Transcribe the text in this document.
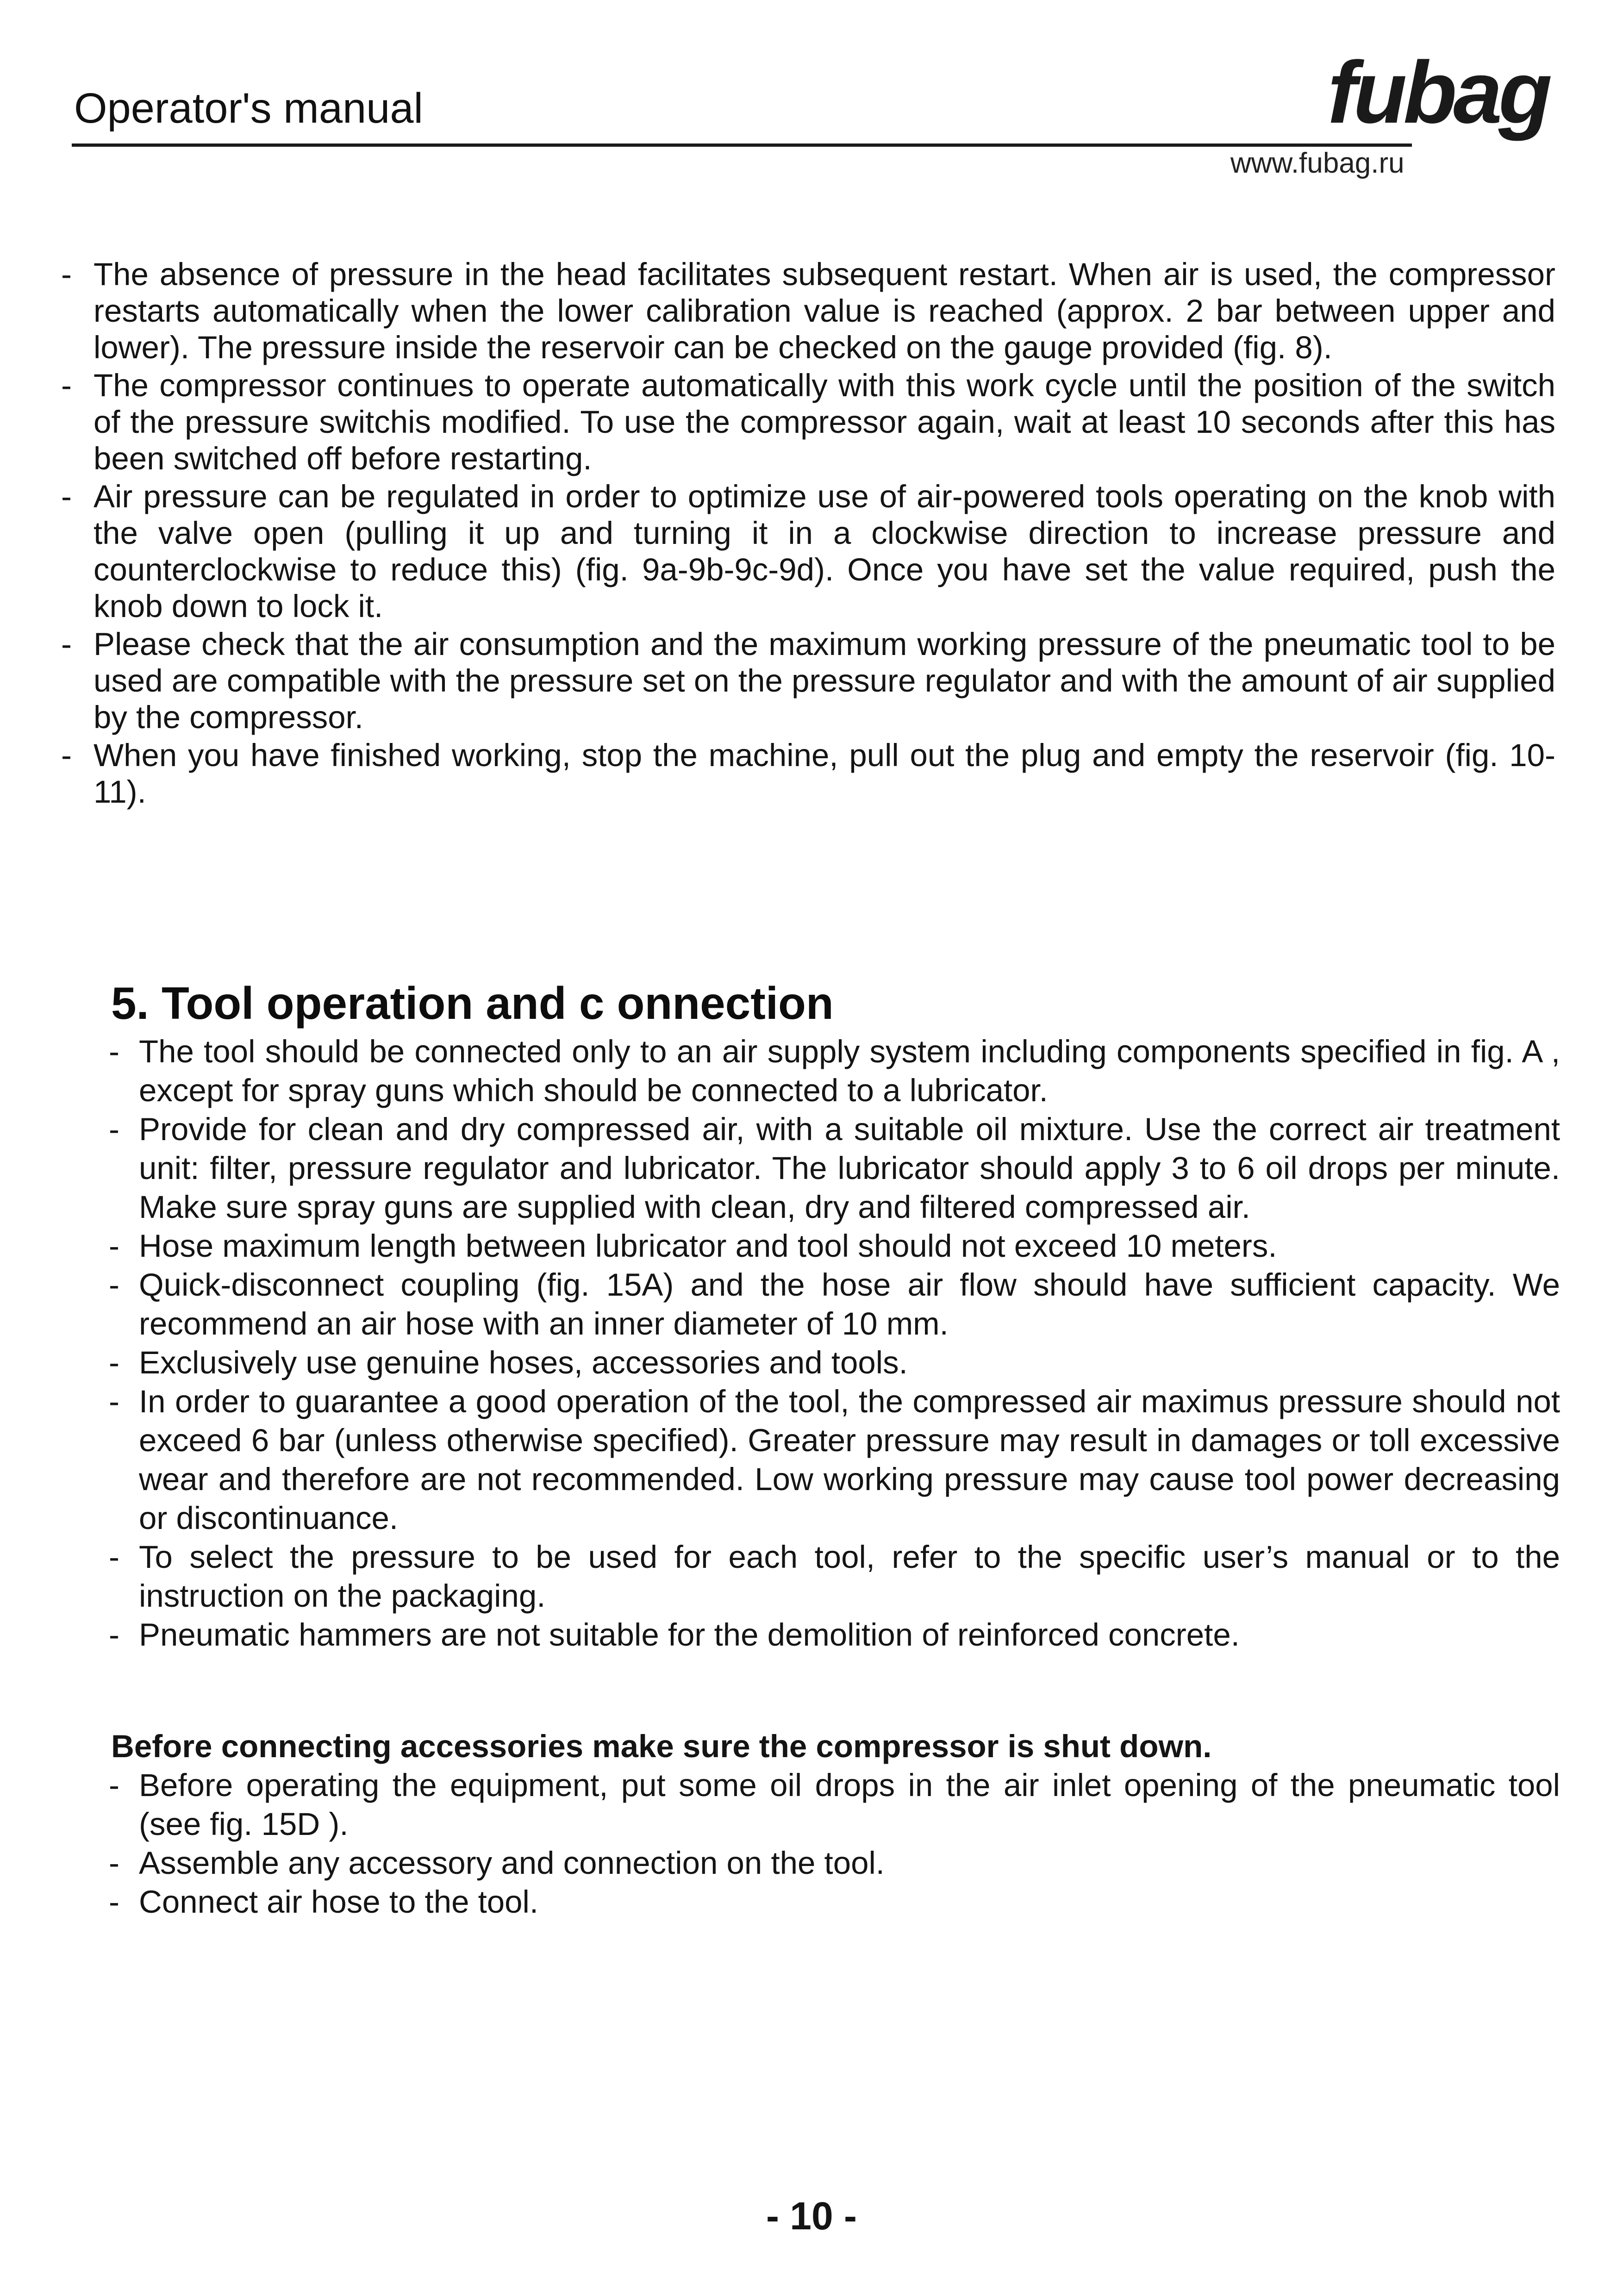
Operator's manual	fubag
www.fubag.ru
- The absence of pressure in the head facilitates subsequent restart. When air is used, the compressor restarts automatically when the lower calibration value is reached (approx. 2 bar between upper and lower). The pressure inside the reservoir can be checked on the gauge provided (fig. 8).
- The compressor continues to operate automatically with this work cycle until the position of the switch of the pressure switchis modified. To use the compressor again, wait at least 10 seconds after this has been switched off before restarting.
- Air pressure can be regulated in order to optimize use of air-powered tools operating on the knob with the valve open (pulling it up and turning it in a clockwise direction to increase pressure and counterclockwise to reduce this) (fig. 9a-9b-9c-9d). Once you have set the value required, push the knob down to lock it.
- Please check that the air consumption and the maximum working pressure of the pneumatic tool to be used are compatible with the pressure set on the pressure regulator and with the amount of air supplied by the compressor.
- When you have finished working, stop the machine, pull out the plug and empty the reservoir (fig. 10-11).
5. Tool operation and c onnection
- The tool should be connected only to an air supply system including components specified in fig. A , except for spray guns which should be connected to a lubricator.
- Provide for clean and dry compressed air, with a suitable oil mixture. Use the correct air treatment unit: filter, pressure regulator and lubricator. The lubricator should apply 3 to 6 oil drops per minute. Make sure spray guns are supplied with clean, dry and filtered compressed air.
- Hose maximum length between lubricator and tool should not exceed 10 meters.
- Quick-disconnect coupling (fig. 15A) and the hose air flow should have sufficient capacity. We recommend an air hose with an inner diameter of 10 mm.
- Exclusively use genuine hoses, accessories and tools.
- In order to guarantee a good operation of the tool, the compressed air maximus pressure should not exceed 6 bar (unless otherwise specified). Greater pressure may result in damages or toll excessive wear and therefore are not recommended. Low working pressure may cause tool power decreasing or discontinuance.
- To select the pressure to be used for each tool, refer to the specific user’s manual or to the instruction on the packaging.
- Pneumatic hammers are not suitable for the demolition of reinforced concrete.
Before connecting accessories make sure the compressor is shut down.
- Before operating the equipment, put some oil drops in the air inlet opening of the pneumatic tool (see fig. 15D ).
- Assemble any accessory and connection on the tool.
- Connect air hose to the tool.
- 10 -
